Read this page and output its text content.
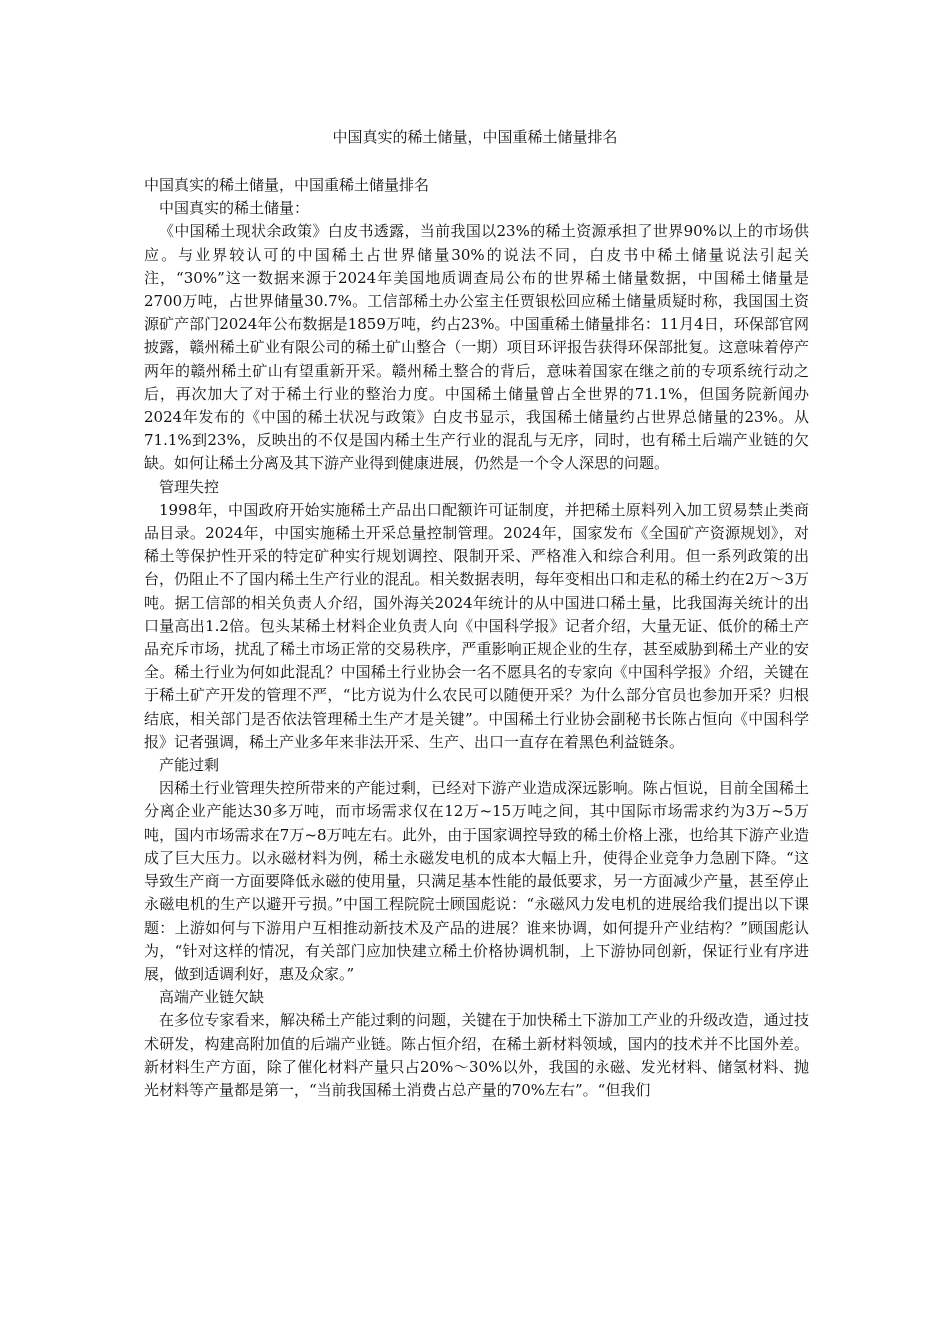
中国真实的稀土储量，中国重稀土储量排名

中国真实的稀土储量，中国重稀土储量排名

中国真实的稀土储量：

《中国稀土现状余政策》白皮书透露，当前我国以23%的稀土资源承担了世界90%以上的市场供应。与业界较认可的中国稀土占世界储量30%的说法不同，白皮书中稀土储量说法引起关注，“30%”这一数据来源于2024年美国地质调查局公布的世界稀土储量数据，中国稀土储量是2700万吨，占世界储量30.7%。工信部稀土办公室主任贾银松回应稀土储量质疑时称，我国国土资源矿产部门2024年公布数据是1859万吨，约占23%。中国重稀土储量排名：11月4日，环保部官网披露，赣州稀土矿业有限公司的稀土矿山整合（一期）项目环评报告获得环保部批复。这意味着停产两年的赣州稀土矿山有望重新开采。赣州稀土整合的背后，意味着国家在继之前的专项系统行动之后，再次加大了对于稀土行业的整治力度。中国稀土储量曾占全世界的71.1%，但国务院新闻办2024年发布的《中国的稀土状况与政策》白皮书显示，我国稀土储量约占世界总储量的23%。从71.1%到23%，反映出的不仅是国内稀土生产行业的混乱与无序，同时，也有稀土后端产业链的欠缺。如何让稀土分离及其下游产业得到健康进展，仍然是一个令人深思的问题。

管理失控

1998年，中国政府开始实施稀土产品出口配额许可证制度，并把稀土原料列入加工贸易禁止类商品目录。2024年，中国实施稀土开采总量控制管理。2024年，国家发布《全国矿产资源规划》，对稀土等保护性开采的特定矿种实行规划调控、限制开采、严格准入和综合利用。但一系列政策的出台，仍阻止不了国内稀土生产行业的混乱。相关数据表明，每年变相出口和走私的稀土约在2万～3万吨。据工信部的相关负责人介绍，国外海关2024年统计的从中国进口稀土量，比我国海关统计的出口量高出1.2倍。包头某稀土材料企业负责人向《中国科学报》记者介绍，大量无证、低价的稀土产品充斥市场，扰乱了稀土市场正常的交易秩序，严重影响正规企业的生存，甚至威胁到稀土产业的安全。稀土行业为何如此混乱？中国稀土行业协会一名不愿具名的专家向《中国科学报》介绍，关键在于稀土矿产开发的管理不严，“比方说为什么农民可以随便开采？为什么部分官员也参加开采？归根结底，相关部门是否依法管理稀土生产才是关键”。中国稀土行业协会副秘书长陈占恒向《中国科学报》记者强调，稀土产业多年来非法开采、生产、出口一直存在着黑色利益链条。

产能过剩

因稀土行业管理失控所带来的产能过剩，已经对下游产业造成深远影响。陈占恒说，目前全国稀土分离企业产能达30多万吨，而市场需求仅在12万~15万吨之间，其中国际市场需求约为3万~5万吨，国内市场需求在7万~8万吨左右。此外，由于国家调控导致的稀土价格上涨，也给其下游产业造成了巨大压力。以永磁材料为例，稀土永磁发电机的成本大幅上升，使得企业竞争力急剧下降。“这导致生产商一方面要降低永磁的使用量，只满足基本性能的最低要求，另一方面减少产量，甚至停止永磁电机的生产以避开亏损。”中国工程院院士顾国彪说：“永磁风力发电机的进展给我们提出以下课题：上游如何与下游用户互相推动新技术及产品的进展？谁来协调，如何提升产业结构？”顾国彪认为，“针对这样的情况，有关部门应加快建立稀土价格协调机制，上下游协同创新，保证行业有序进展，做到适调利好，惠及众家。”

高端产业链欠缺

在多位专家看来，解决稀土产能过剩的问题，关键在于加快稀土下游加工产业的升级改造，通过技术研发，构建高附加值的后端产业链。陈占恒介绍，在稀土新材料领域，国内的技术并不比国外差。新材料生产方面，除了催化材料产量只占20%～30%以外，我国的永磁、发光材料、储氢材料、抛光材料等产量都是第一，“当前我国稀土消费占总产量的70%左右”。“但我们
